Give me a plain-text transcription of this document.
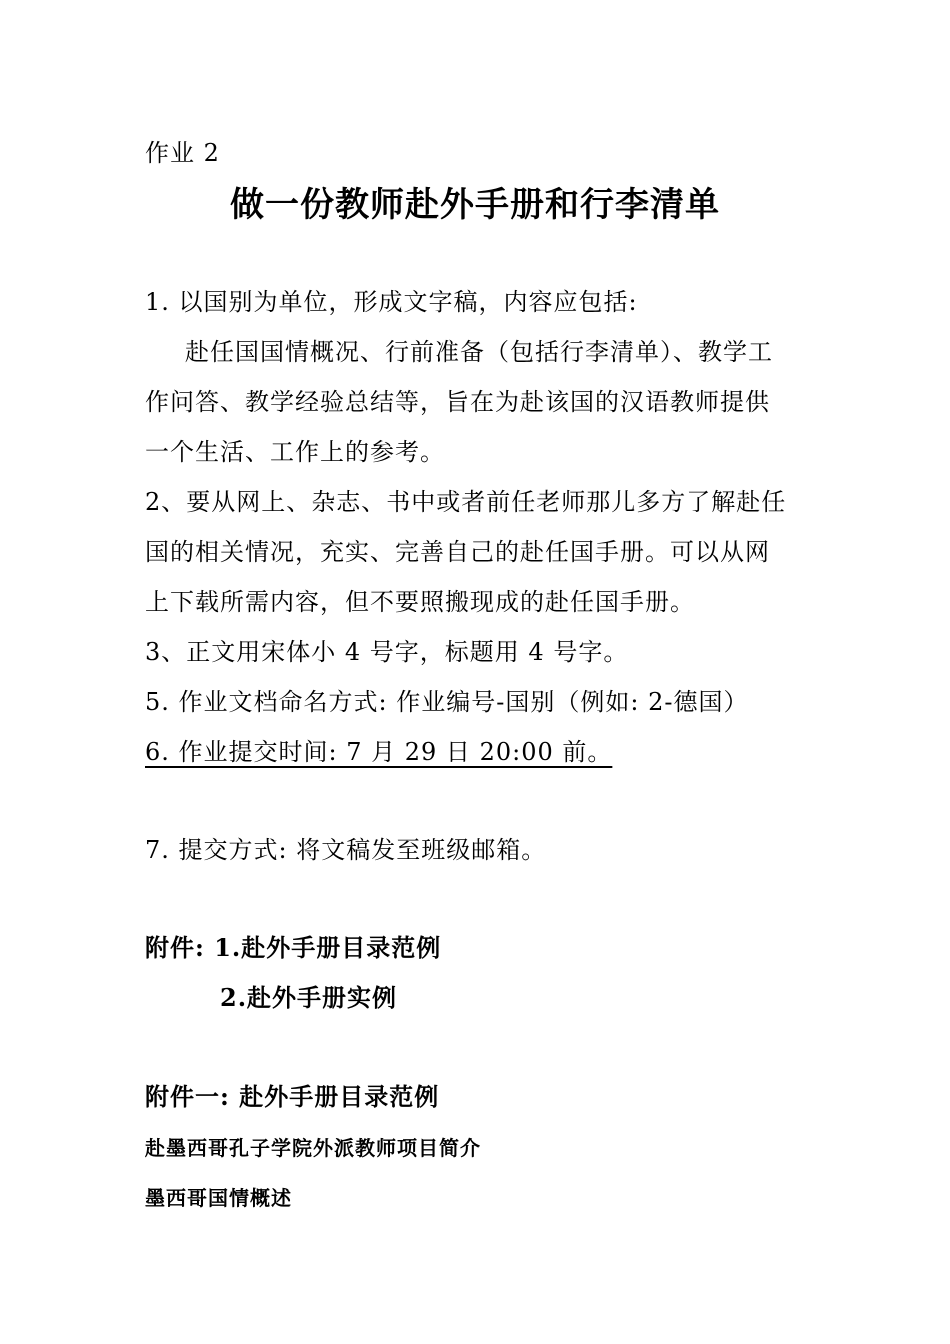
作业 2
做一份教师赴外手册和行李清单
1. 以国别为单位，形成文字稿，内容应包括:
赴任国国情概况、行前准备（包括行李清单）、教学工
作问答、教学经验总结等，旨在为赴该国的汉语教师提供
一个生活、工作上的参考。
2、要从网上、杂志、书中或者前任老师那儿多方了解赴任
国的相关情况，充实、完善自己的赴任国手册。可以从网
上下载所需内容，但不要照搬现成的赴任国手册。
3、正文用宋体小 4 号字，标题用 4 号字。
5. 作业文档命名方式: 作业编号-国别（例如: 2-德国）
6. 作业提交时间: 7 月 29 日 20:00 前。
7. 提交方式: 将文稿发至班级邮箱。
附件: 1.赴外手册目录范例
2.赴外手册实例
附件一: 赴外手册目录范例
赴墨西哥孔子学院外派教师项目简介
墨西哥国情概述
